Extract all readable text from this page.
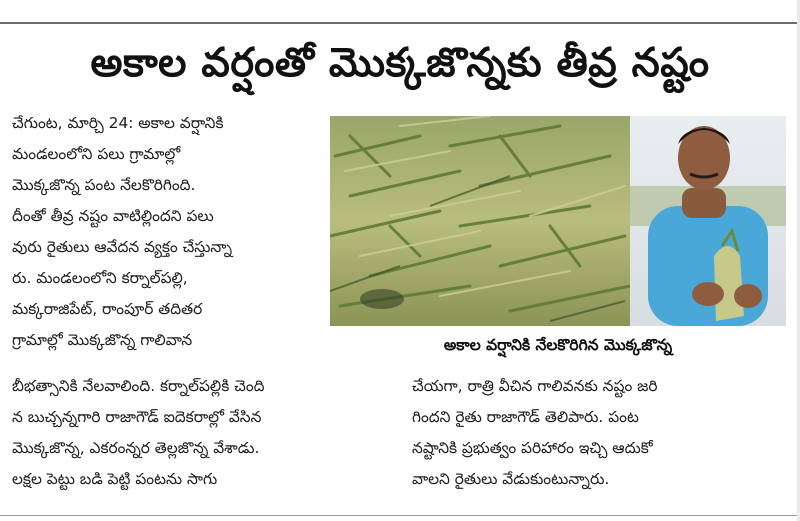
అకాల వర్షంతో మొక్కజొన్నకు తీవ్ర నష్టం
చేగుంట, మార్చి 24: అకాల వర్షానికి
మండలంలోని పలు గ్రామాల్లో
మొక్కజొన్న పంట నేలకొరిగింది.
దీంతో తీవ్ర నష్టం వాటిల్లిందని పలు
వురు రైతులు ఆవేదన వ్యక్తం చేస్తున్నా
రు. మండలంలోని కర్నాల్‌పల్లి,
మక్కరాజిపేట్, రాంపూర్ తదితర
గ్రామాల్లో మొక్కజొన్న గాలివాన	అకాల వర్షానికి నేలకొరిగిన మొక్కజొన్న
బీభత్సానికి నేలవాలింది. కర్నాల్‌పల్లికి చెంది
న బుచ్చన్నగారి రాజాగౌడ్ ఐదెకరాల్లో వేసిన
మొక్కజొన్న, ఎకరంన్నర తెల్లజొన్న వేశాడు.
లక్షల పెట్టు బడి పెట్టి పంటను సాగు
చేయగా, రాత్రి వీచిన గాలివనకు నష్టం జరి
గిందని రైతు రాజాగౌడ్ తెలిపారు. పంట
నష్టానికి ప్రభుత్వం పరిహారం ఇచ్చి ఆదుకో
వాలని రైతులు వేడుకుంటున్నారు.
